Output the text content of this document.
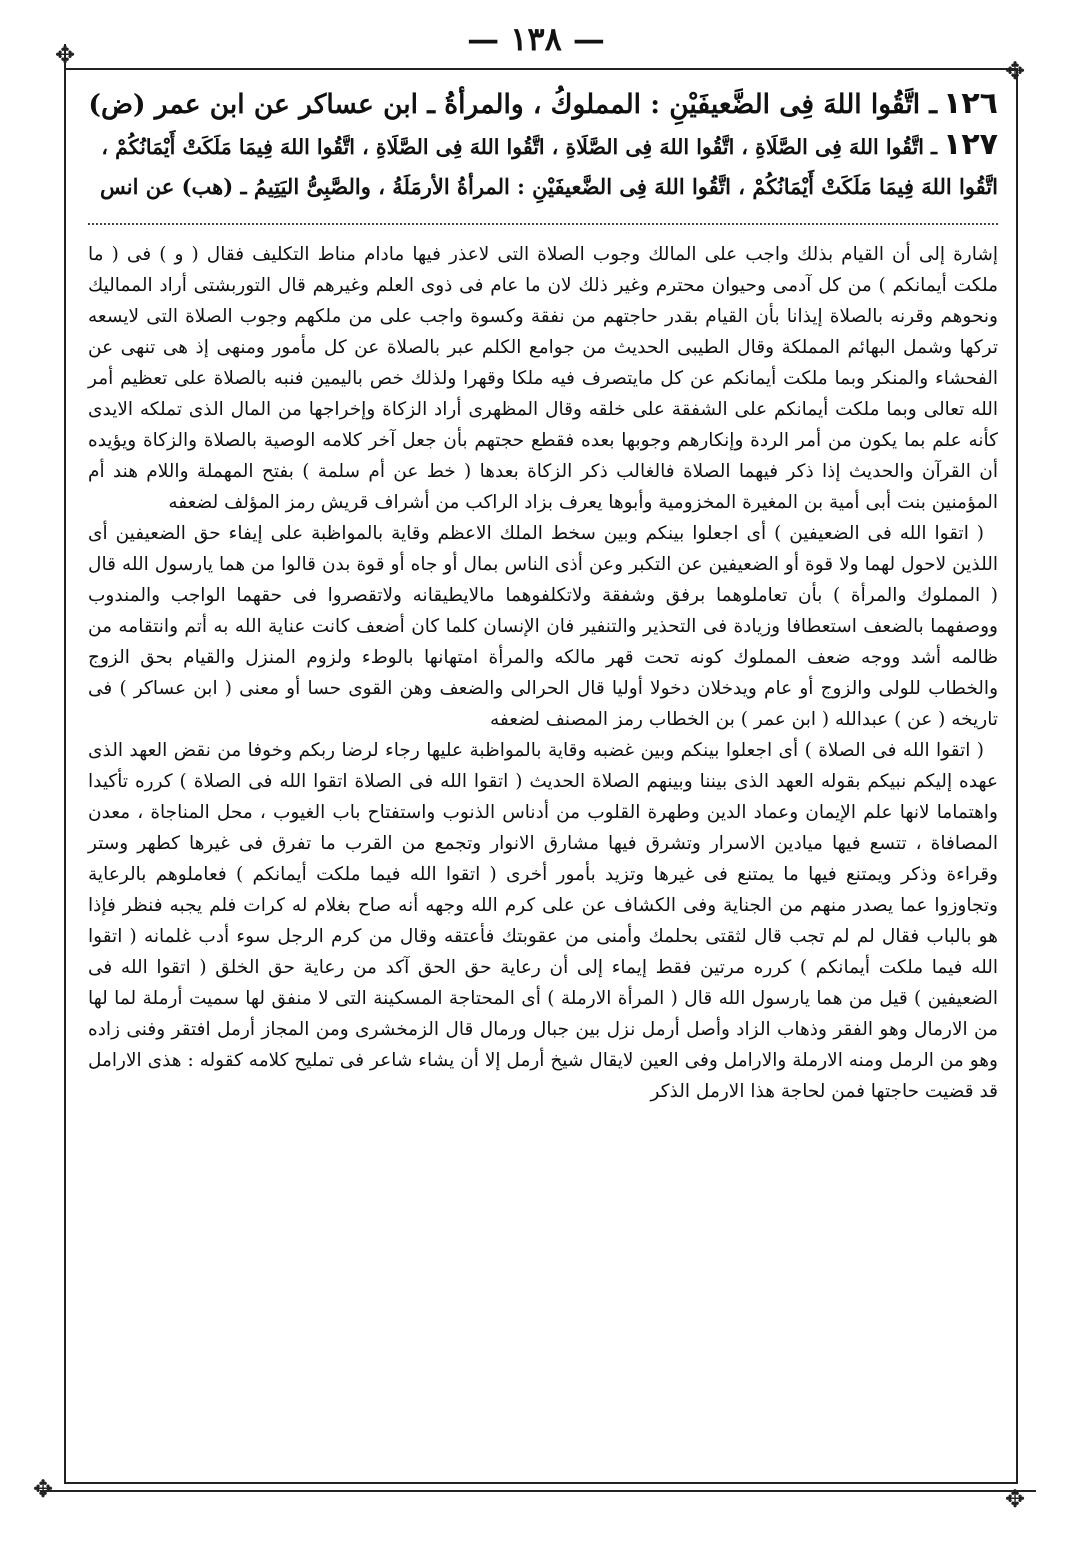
— ١٣٨ —
✥
✥
✥	✥
١٢٦ـ اتَّقُوا اللهَ فِى الضَّعيفَيْنِ : المملوكُ ، والمرأةُ ـ ابن عساكر عن ابن عمر (ض)
١٢٧ـ اتَّقُوا اللهَ فِى الصَّلَاةِ ، اتَّقُوا اللهَ فِى الصَّلَاةِ ، اتَّقُوا اللهَ فِى الصَّلَاةِ ، اتَّقُوا اللهَ فِيمَا مَلَكَتْ أَيْمَانُكُمْ ،
اتَّقُوا اللهَ فِيمَا مَلَكَتْ أَيْمَانُكُمْ ، اتَّقُوا اللهَ فِى الضَّعيفَيْنِ : المرأةُ الأرمَلَةُ ، والصَّبِىُّ اليَتِيمُ ـ (هب) عن انس

إشارة إلى أن القيام بذلك واجب على المالك وجوب الصلاة التى لاعذر فيها مادام مناط التكليف فقال ( و ) فى ( ما ملكت أيمانكم ) من كل آدمى وحيوان محترم وغير ذلك لان ما عام فى ذوى العلم وغيرهم قال التوربشتى أراد المماليك ونحوهم وقرنه بالصلاة إيذانا بأن القيام بقدر حاجتهم من نفقة وكسوة واجب على من ملكهم وجوب الصلاة التى لايسعه تركها وشمل البهائم المملكة وقال الطيبى الحديث من جوامع الكلم عبر بالصلاة عن كل مأمور ومنهى إذ هى تنهى عن الفحشاء والمنكر وبما ملكت أيمانكم عن كل مايتصرف فيه ملكا وقهرا ولذلك خص باليمين فنبه بالصلاة على تعظيم أمر الله تعالى وبما ملكت أيمانكم على الشفقة على خلقه وقال المظهرى أراد الزكاة وإخراجها من المال الذى تملكه الايدى كأنه علم بما يكون من أمر الردة وإنكارهم وجوبها بعده فقطع حجتهم بأن جعل آخر كلامه الوصية بالصلاة والزكاة ويؤيده أن القرآن والحديث إذا ذكر فيهما الصلاة فالغالب ذكر الزكاة بعدها ( خط عن أم سلمة ) بفتح المهملة واللام هند أم المؤمنين بنت أبى أمية بن المغيرة المخزومية وأبوها يعرف بزاد الراكب من أشراف قريش رمز المؤلف لضعفه

( اتقوا الله فى الضعيفين ) أى اجعلوا بينكم وبين سخط الملك الاعظم وقاية بالمواظبة على إيفاء حق الضعيفين أى اللذين لاحول لهما ولا قوة أو الضعيفين عن التكبر وعن أذى الناس بمال أو جاه أو قوة بدن قالوا من هما يارسول الله قال ( المملوك والمرأة ) بأن تعاملوهما برفق وشفقة ولاتكلفوهما مالايطيقانه ولاتقصروا فى حقهما الواجب والمندوب ووصفهما بالضعف استعطافا وزيادة فى التحذير والتنفير فان الإنسان كلما كان أضعف كانت عناية الله به أتم وانتقامه من ظالمه أشد ووجه ضعف المملوك كونه تحت قهر مالكه والمرأة امتهانها بالوطء ولزوم المنزل والقيام بحق الزوج والخطاب للولى والزوج أو عام ويدخلان دخولا أوليا قال الحرالى والضعف وهن القوى حسا أو معنى ( ابن عساكر ) فى تاريخه ( عن ) عبدالله ( ابن عمر ) بن الخطاب رمز المصنف لضعفه

( اتقوا الله فى الصلاة ) أى اجعلوا بينكم وبين غضبه وقاية بالمواظبة عليها رجاء لرضا ربكم وخوفا من نقض العهد الذى عهده إليكم نبيكم بقوله العهد الذى بيننا وبينهم الصلاة الحديث ( اتقوا الله فى الصلاة اتقوا الله فى الصلاة ) كرره تأكيدا واهتماما لانها علم الإيمان وعماد الدين وطهرة القلوب من أدناس الذنوب واستفتاح باب الغيوب ، محل المناجاة ، معدن المصافاة ، تتسع فيها ميادين الاسرار وتشرق فيها مشارق الانوار وتجمع من القرب ما تفرق فى غيرها كطهر وستر وقراءة وذكر ويمتنع فيها ما يمتنع فى غيرها وتزيد بأمور أخرى ( اتقوا الله فيما ملكت أيمانكم ) فعاملوهم بالرعاية وتجاوزوا عما يصدر منهم من الجناية وفى الكشاف عن على كرم الله وجهه أنه صاح بغلام له كرات فلم يجبه فنظر فإذا هو بالباب فقال لم لم تجب قال لثقتى بحلمك وأمنى من عقوبتك فأعتقه وقال من كرم الرجل سوء أدب غلمانه ( اتقوا الله فيما ملكت أيمانكم ) كرره مرتين فقط إيماء إلى أن رعاية حق الحق آكد من رعاية حق الخلق ( اتقوا الله فى الضعيفين ) قيل من هما يارسول الله قال ( المرأة الارملة ) أى المحتاجة المسكينة التى لا منفق لها سميت أرملة لما لها من الارمال وهو الفقر وذهاب الزاد وأصل أرمل نزل بين جبال ورمال قال الزمخشرى ومن المجاز أرمل افتقر وفنى زاده وهو من الرمل ومنه الارملة والارامل وفى العين لايقال شيخ أرمل إلا أن يشاء شاعر فى تمليح كلامه كقوله : هذى الارامل قد قضيت حاجتها فمن لحاجة هذا الارمل الذكر
